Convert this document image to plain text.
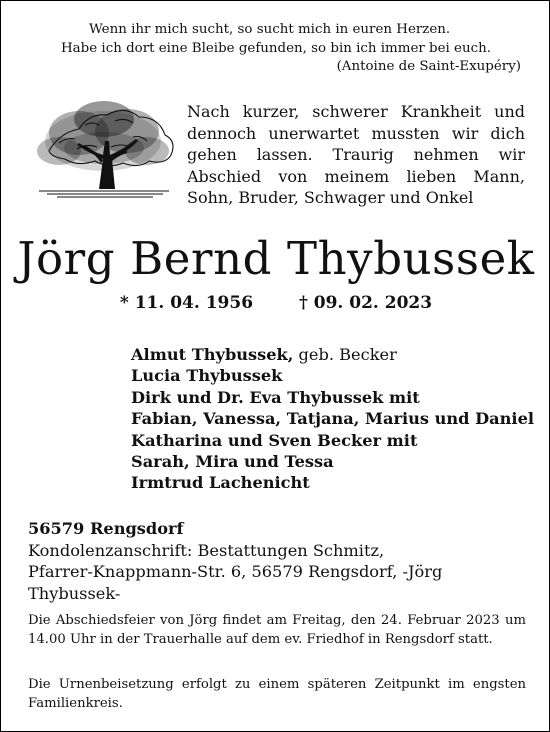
Wenn ihr mich sucht, so sucht mich in euren Herzen.
Habe ich dort eine Bleibe gefunden, so bin ich immer bei euch.
(Antoine de Saint-Exupéry)
Nach kurzer, schwerer Krankheit und dennoch unerwartet mussten wir dich gehen lassen. Traurig nehmen wir Abschied von meinem lieben Mann, Sohn, Bruder, Schwager und Onkel
Jörg Bernd Thybussek
* 11. 04. 1956	† 09. 02. 2023
Almut Thybussek, geb. Becker
Lucia Thybussek
Dirk und Dr. Eva Thybussek mit
Fabian, Vanessa, Tatjana, Marius und Daniel
Katharina und Sven Becker mit
Sarah, Mira und Tessa
Irmtrud Lachenicht
56579 Rengsdorf
Kondolenzanschrift: Bestattungen Schmitz,
Pfarrer-Knappmann-Str. 6, 56579 Rengsdorf, -Jörg Thybussek-
Die Abschiedsfeier von Jörg findet am Freitag, den 24. Februar 2023 um 14.00 Uhr in der Trauerhalle auf dem ev. Friedhof in Rengsdorf statt.
Die Urnenbeisetzung erfolgt zu einem späteren Zeitpunkt im engsten Familienkreis.
